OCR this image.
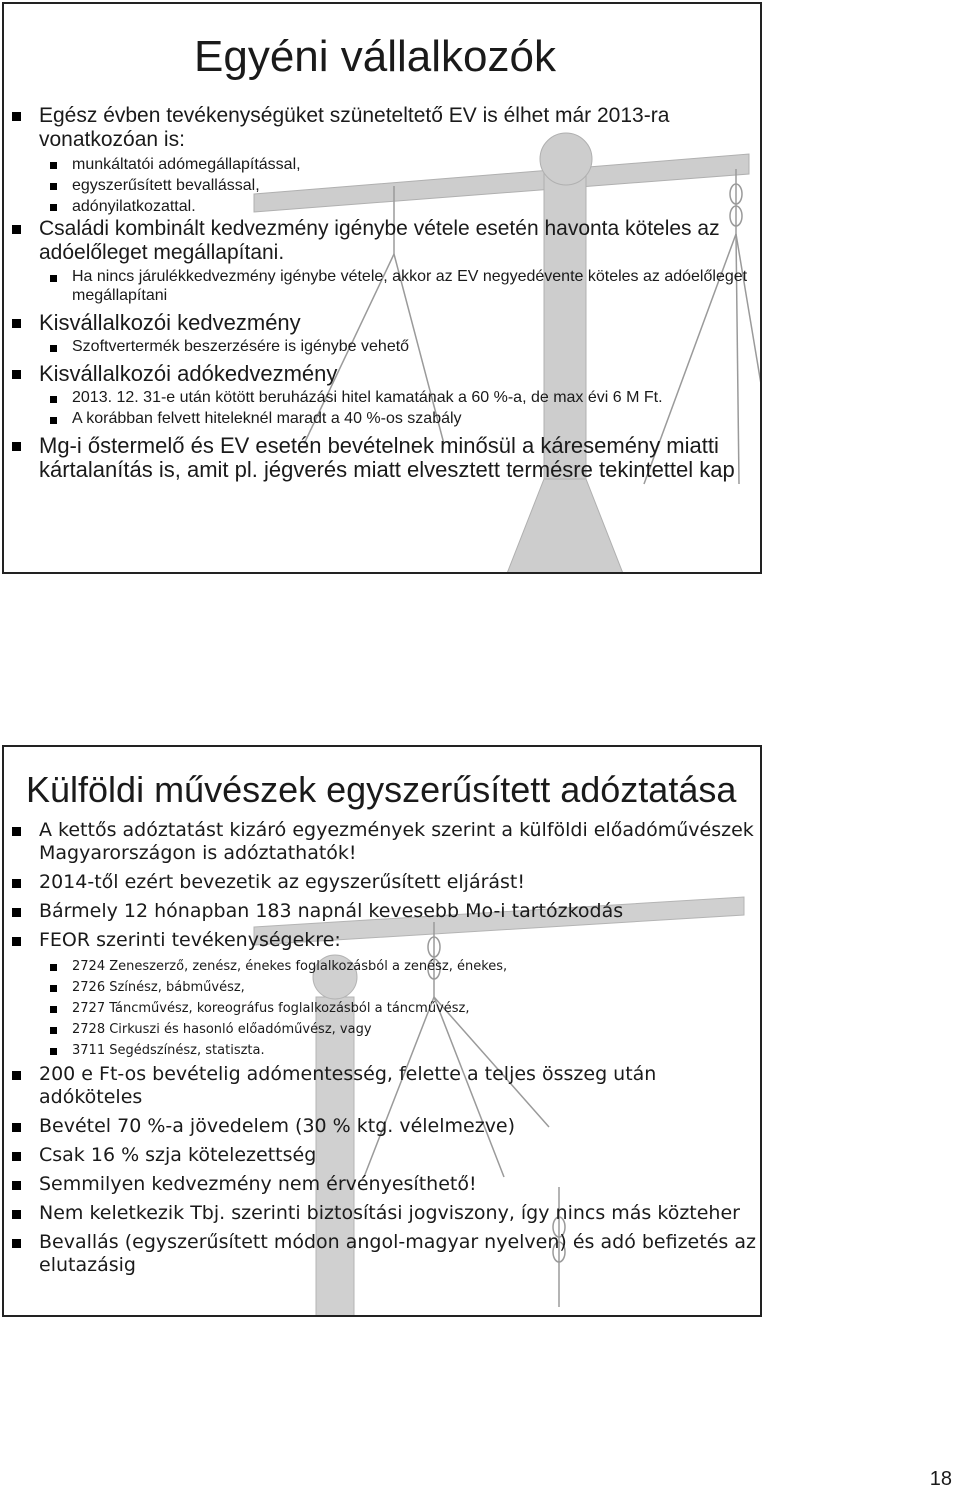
Egyéni vállalkozók
Egész évben tevékenységüket szüneteltető EV is élhet már 2013-ra vonatkozóan is:
munkáltatói adómegállapítással,
egyszerűsített bevallással,
adónyilatkozattal.
Családi kombinált kedvezmény igénybe vétele esetén havonta köteles az adóelőleget megállapítani.
Ha nincs járulékkedvezmény igénybe vétele, akkor az EV negyedévente köteles az adóelőleget megállapítani
Kisvállalkozói kedvezmény
Szoftvertermék beszerzésére is igénybe vehető
Kisvállalkozói adókedvezmény
2013. 12. 31-e után kötött beruházási hitel kamatának a 60 %-a, de max évi 6 M Ft.
A korábban felvett hiteleknél maradt a 40 %-os szabály
Mg-i őstermelő és EV esetén bevételnek minősül a káresemény miatti kártalanítás is, amit pl. jégverés miatt elvesztett termésre tekintettel kap
Külföldi művészek egyszerűsített adóztatása
A kettős adóztatást kizáró egyezmények szerint a külföldi előadóművészek Magyarországon is adóztathatók!
2014-től ezért bevezetik az egyszerűsített eljárást!
Bármely 12 hónapban 183 napnál kevesebb Mo-i tartózkodás
FEOR szerinti tevékenységekre:
2724 Zeneszerző, zenész, énekes foglalkozásból a zenész, énekes,
2726 Színész, bábművész,
2727 Táncművész, koreográfus foglalkozásból a táncművész,
2728 Cirkuszi és hasonló előadóművész, vagy
3711 Segédszínész, statiszta.
200 e Ft-os bevételig adómentesség, felette a teljes összeg után adóköteles
Bevétel 70 %-a jövedelem (30 % ktg. vélelmezve)
Csak 16 % szja kötelezettség
Semmilyen kedvezmény nem érvényesíthető!
Nem keletkezik Tbj. szerinti biztosítási jogviszony, így nincs más közteher
Bevallás (egyszerűsített módon angol-magyar nyelven) és adó befizetés az elutazásig
18
